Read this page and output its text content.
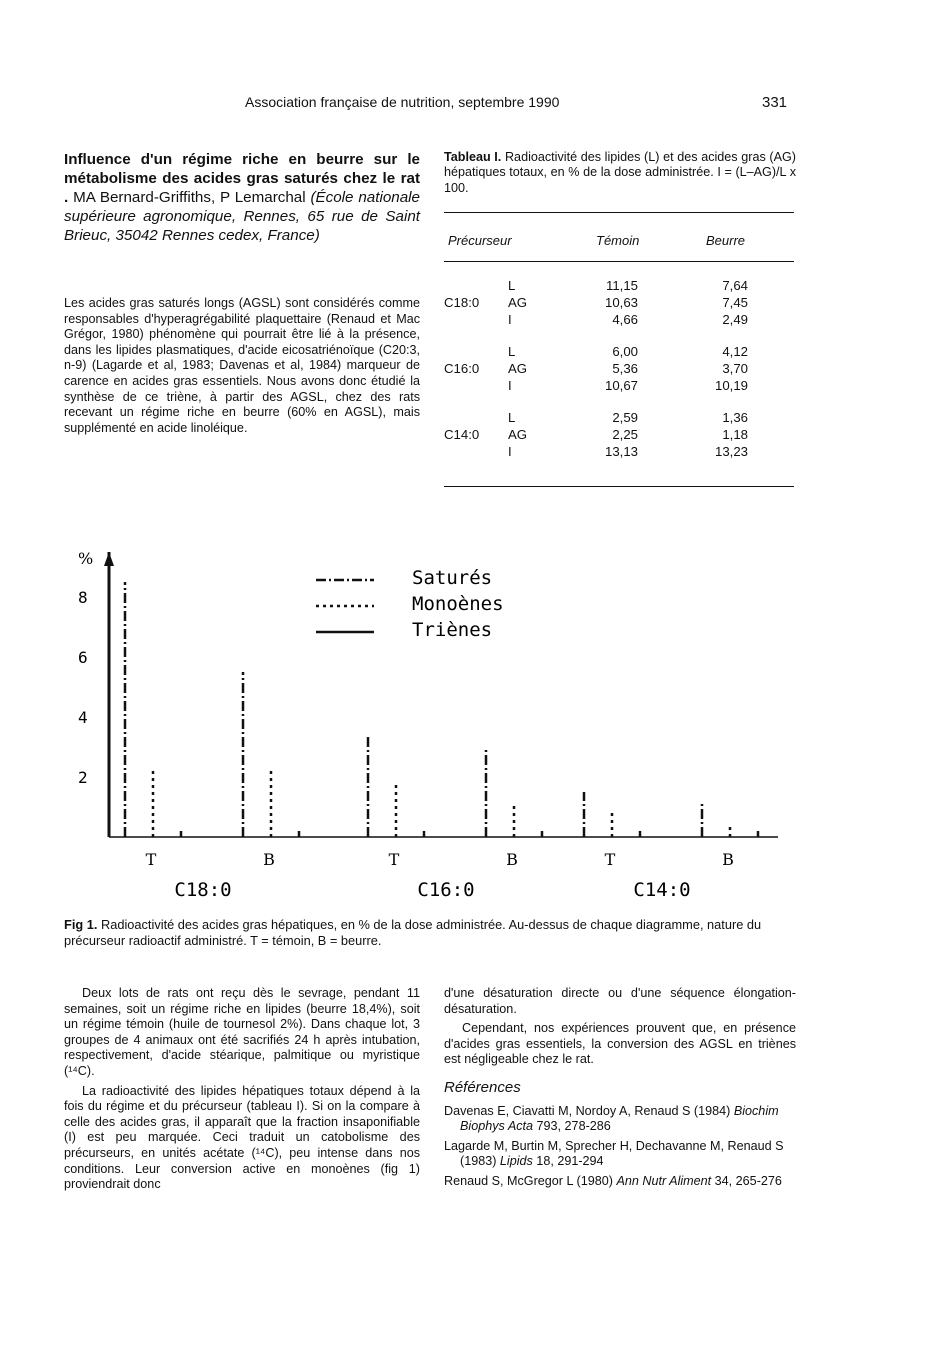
Association française de nutrition, septembre 1990	331
Influence d'un régime riche en beurre sur le métabolisme des acides gras saturés chez le rat . MA Bernard-Griffiths, P Lemarchal (École nationale supérieure agronomique, Rennes, 65 rue de Saint Brieuc, 35042 Rennes cedex, France)
Les acides gras saturés longs (AGSL) sont considérés comme responsables d'hyperagrégabilité plaquettaire (Renaud et Mac Grégor, 1980) phénomène qui pourrait être lié à la présence, dans les lipides plasmatiques, d'acide eicosatriénoïque (C20:3, n-9) (Lagarde et al, 1983; Davenas et al, 1984) marqueur de carence en acides gras essentiels. Nous avons donc étudié la synthèse de ce triène, à partir des AGSL, chez des rats recevant un régime riche en beurre (60% en AGSL), mais supplémenté en acide linoléique.
Tableau I. Radioactivité des lipides (L) et des acides gras (AG) hépatiques totaux, en % de la dose administrée. I = (L–AG)/L x 100.
Précurseur	Témoin	Beurre
L	11,15	7,64
C18:0 AG	10,63	7,45
I	4,66	2,49
L	6,00	4,12
C16:0 AG	5,36	3,70
I	10,67	10,19
L	2,59	1,36
C14:0 AG	2,25	1,18
I	13,13	13,23
%
2
4
6
8
Saturés
Monoènes
Triènes
T	B
C18:0
T	B
C16:0
T	B
C14:0
Fig 1. Radioactivité des acides gras hépatiques, en % de la dose administrée. Au-dessus de chaque diagramme, nature du précurseur radioactif administré. T = témoin, B = beurre.

Deux lots de rats ont reçu dès le sevrage, pendant 11 semaines, soit un régime riche en lipides (beurre 18,4%), soit un régime témoin (huile de tournesol 2%). Dans chaque lot, 3 groupes de 4 animaux ont été sacrifiés 24 h après intubation, respectivement, d'acide stéarique, palmitique ou myristique (¹⁴C).

La radioactivité des lipides hépatiques totaux dépend à la fois du régime et du précurseur (tableau I). Si on la compare à celle des acides gras, il apparaît que la fraction insaponifiable (I) est peu marquée. Ceci traduit un catobolisme des précurseurs, en unités acétate (¹⁴C), peu intense dans nos conditions. Leur conversion active en monoènes (fig 1) proviendrait donc

d'une désaturation directe ou d'une séquence élongation-désaturation.

Cependant, nos expériences prouvent que, en présence d'acides gras essentiels, la conversion des AGSL en triènes est négligeable chez le rat.

Références
Davenas E, Ciavatti M, Nordoy A, Renaud S (1984) Biochim Biophys Acta 793, 278-286
Lagarde M, Burtin M, Sprecher H, Dechavanne M, Renaud S (1983) Lipids 18, 291-294
Renaud S, McGregor L (1980) Ann Nutr Aliment 34, 265-276
